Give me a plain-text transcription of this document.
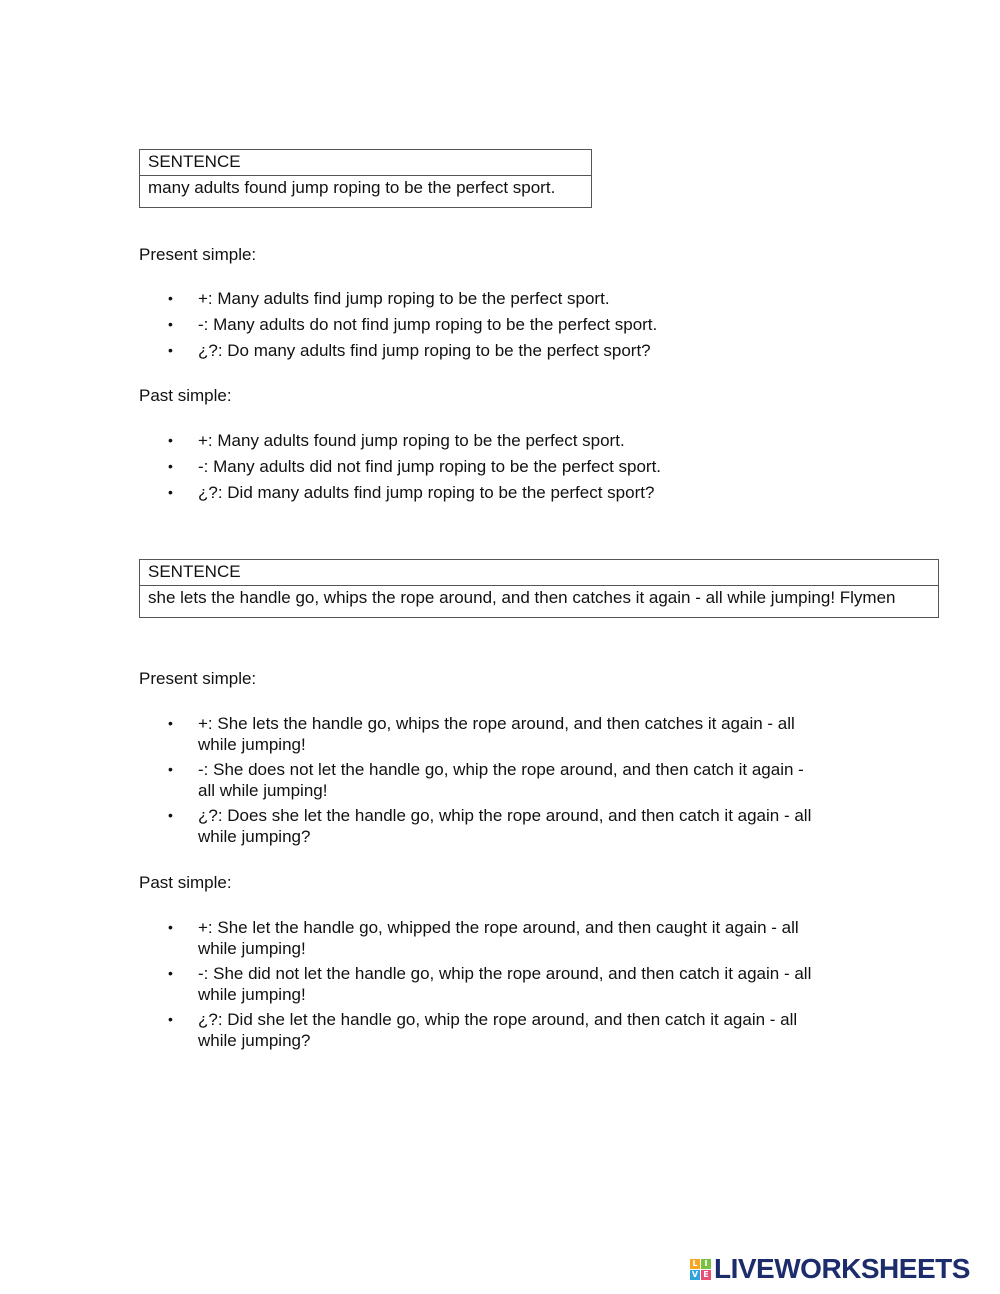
SENTENCE
many adults found jump roping to be the perfect sport.
Present simple:
• +: Many adults find jump roping to be the perfect sport.
• -: Many adults do not find jump roping to be the perfect sport.
• ¿?: Do many adults find jump roping to be the perfect sport?
Past simple:
• +: Many adults found jump roping to be the perfect sport.
• -: Many adults did not find jump roping to be the perfect sport.
• ¿?: Did many adults find jump roping to be the perfect sport?
SENTENCE
she lets the handle go, whips the rope around, and then catches it again - all while jumping! Flymen
Present simple:
• +: She lets the handle go, whips the rope around, and then catches it again - all
while jumping!
• -: She does not let the handle go, whip the rope around, and then catch it again -
all while jumping!
• ¿?: Does she let the handle go, whip the rope around, and then catch it again - all
while jumping?
Past simple:
• +: She let the handle go, whipped the rope around, and then caught it again - all
while jumping!
• -: She did not let the handle go, whip the rope around, and then catch it again - all
while jumping!
• ¿?: Did she let the handle go, whip the rope around, and then catch it again - all
while jumping?
L I
V E LIVEWORKSHEETS
